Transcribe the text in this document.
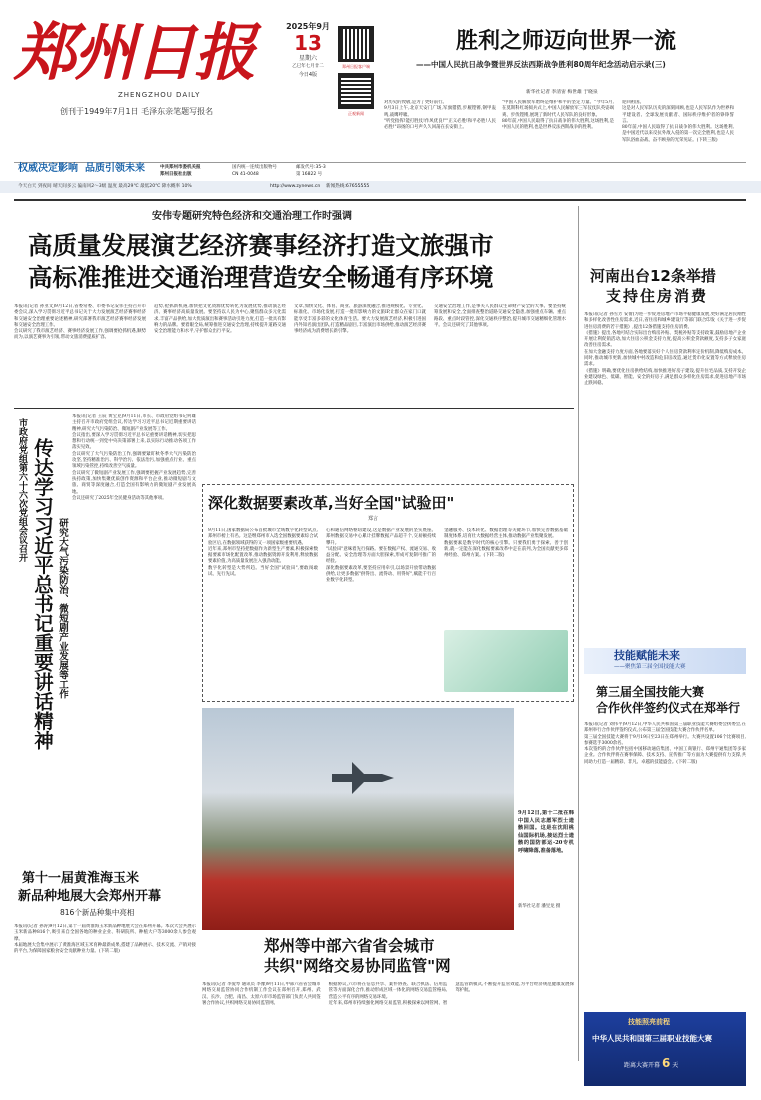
郑州日报
ZHENGZHOU DAILY
创刊于1949年7月1日 毛泽东亲笔题写报名
2025年9月
13
星期六
乙巳年七月廿二
今日4版
郑州日报客户端
正观新闻
权威决定影响 品质引领未来	中共郑州市委机关报
郑州日报社出版
国内统一连续出版物号
CN 41-0048
邮发代号:35-3
第 16822 号
今天白天 到夜间 晴天间多云 偏南风2～3级 温度 最高29℃ 最低20℃ 降水概率 10%	http://www.zynews.cn 新闻热线:67655555
胜利之师迈向世界一流
——中国人民抗日战争暨世界反法西斯战争胜利80周年纪念活动启示录(三)
新华社记者 李清宙 梅世雄 于晓泉
对历史的致敬,是为了更好前行。
9月3日上午,北京天安门广场,军旗猎猎,步履铿锵,钢甲轰鸣,战鹰呼啸。
"听党指挥!能打胜仗!作风优良!""正义必胜!和平必胜!人民必胜!"昂扬的口号声久久回荡在长安街上。
"中国人民解放军始终是维护和平的坚定力量。"今年5月,在莫斯科红场阅兵式上,中国人民解放军三军仪仗队英姿飒爽、步伐铿锵,展现了新时代人民军队的良好形象。
80年前,中国人民取得了抗日战争的伟大胜利,这场胜利,是中国人民的胜利,也是世界反法西斯战争的胜利。
迎回祖国。
这是对人民军队历史的深刻回顾,也是人民军队作为世界和平建设者、全球发展贡献者、国际秩序维护者的铮铮誓言。
80年前,中国人民取得了抗日战争的伟大胜利。这场胜利,是中国近代以来反抗外敌入侵的第一次完全胜利,也是人民军队浴血奋战、奋不顾身的光荣见证。(下转三版)
安伟专题研究特色经济和交通治理工作时强调
高质量发展演艺经济赛事经济打造文旅强市
高标准推进交通治理营造安全畅通有序环境
本报讯(记者 孙亚文)9月12日,省委常委、市委书记安伟主持召开市委会议,深入学习贯彻习近平总书记关于大力发展演艺经济赛事经济和交通安全治理重要论述精神,研究部署我市演艺经济赛事经济发展和交通安全治理工作。
会议研究了我市演艺经济、赛事经济发展工作,强调要抢抓机遇,顺势而为,以演艺赛事为引领,带动文旅消费提质扩容。
趋势,抢抓新机遇,加快把文化资源优势转化为发展优势,推动演艺经济、赛事经济高质量发展。要坚持以人民为中心,聚焦群众多元化需求,丰富产品供给,加大优质演出和赛事活动引进力度,打造一批具有影响力的品牌。要着眼全局,统筹推进交通安全治理,持续提升道路交通安全治理能力和水平,守护群众出行平安。
文章,加快文化、体育、商业、旅游深度融合,推进规模化、专业化、标准化、市场化发展,打造一批有影响力的文旅IP,让群众在家门口就能享受丰富多彩的文化体育生活。要大力发展演艺经济,积极引进国内外知名演出团队,打造精品剧目,丰富演出市场供给,推动演艺经济赛事经济成为消费增长新引擎。
交通安全治理工作,是事关人民群众生命财产安全的大事。要坚持统筹发展和安全,全面排查整治道路交通安全隐患,加强重点车辆、重点路段、重点时段管控,深化交通秩序整治,提升城市交通精细化管理水平。会议还研究了其他事项。
河南出台12条举措
支持住房消费
本报讯(记者 孙雪芳 安倩)为进一步促进房地产市场平稳健康发展,更好满足居民刚性和多样化改善性住房需求,近日,省住房和城乡建设厅等部门联合印发《关于进一步促进住房消费的若干措施》,提出12条措施支持住房消费。
《措施》提出,各地可结合实际出台购房补贴、契税补贴等支持政策,鼓励房地产企业开展让利促销活动,加大住房公积金支持力度,提高公积金贷款额度,支持多子女家庭改善住房需求。
在加大金融支持力度方面,各地要落实好个人住房贷款利率定价机制,降低购房成本。同时,推动城市更新,加快城中村改造和危旧房改造,通过货币化安置等方式释放住房需求。
《措施》明确,要优化住房供给结构,加快推进好房子建设,提升住宅品质,支持开发企业建设绿色、低碳、智能、安全的好房子,满足群众多样化住房需求,促进房地产市场止跌回稳。
市政府党组第六十六次党组会议召开 传达学习习近平总书记重要讲话精神 研究大气污染防治、微短剧产业发展等工作
本报讯(记者 王辰 黄宝克)9月11日,市长、市政府党组书记何雄主持召开市政府党组会议,传达学习习近平总书记近期重要讲话精神,研究大气污染防治、微短剧产业发展等工作。
会议指出,要深入学习贯彻习近平总书记重要讲话精神,切实把思想和行动统一到党中央决策部署上来,以实际行动推动各项工作落实见效。
会议研究了大气污染防治工作,强调要紧盯秋冬季大气污染防治攻坚,坚持精准治污、科学治污、依法治污,加强重点行业、重点领域污染管控,持续改善空气质量。
会议研究了微短剧产业发展工作,强调要把握产业发展趋势,完善扶持政策,加快集聚优质创作资源和平台企业,推动微短剧与文旅、商贸等深度融合,打造全国有影响力的微短剧产业发展高地。
会议还研究了2025年全民健身活动等其他事项。	深化数据要素改革,当好全国"试验田"
郑言
9月11日,国家数据局公布首批城市全域数字化转型试点,郑州市榜上有名。这是继郑州市入选全国数据要素综合试验区后,在数据领域获得的又一项国家级重要机遇。
近年来,郑州市坚持把数据作为新型生产要素,积极探索数据要素市场化配置改革,推动数据资源开发利用,释放数据要素价值,为高质量发展注入强劲动能。
数字化转型是大势所趋。当好全国"试验田",要敢闯敢试、先行先试。
心和通信网络枢纽建设,这是数据产业发展的坚实底座。郑州数据交易中心累计挂牌数据产品超千个,交易额持续攀升。
"试验田"意味着先行探路。要在数据产权、流通交易、收益分配、安全治理等方面大胆探索,形成可复制可推广的经验。
深化数据要素改革,要坚持应用牵引,以场景开放带动数据供给,让更多数据"供得出、流得动、用得好",赋能千行百业数字化转型。
金融服务、技术转化、数据治理等关键环节,加快完善数据基础制度体系,培育壮大数据经营主体,推动数据产业集聚发展。
数据要素是数字时代的核心引擎。只要我们勇于探索、善于创新,就一定能在深化数据要素改革中走在前列,为全国贡献更多郑州经验、郑州方案。(下转二版)
9月12日,第十二批在韩中国人民志愿军烈士遗骸回国。这是在沈阳桃仙国际机场,接运烈士遗骸的国防部运-20专机呼啸降落,准备落地。
新华社记者 潘昱龙 摄
技能赋能未来
——聚焦第三届全国技能大赛
第三届全国技能大赛
合作伙伴签约仪式在郑举行
本报讯(记者 刘伟平)9月12日,中华人民共和国第三届职业技能大赛组委会执委会,在郑州举行合作伙伴签约仪式,公布第三届全国技能大赛合作伙伴名单。
第三届全国技能大赛将于9月19日至23日在郑州举行。大赛共设置106个比赛项目,参赛选手3000余名。
本次签约的合作伙伴包括中国移动通信集团、中国工商银行、郑州宇通集团等多家企业。合作伙伴将在赛事保障、技术支持、宣传推广等方面为大赛提供有力支撑,共同助力打造一届精彩、非凡、卓越的技能盛会。(下转二版)
第十一届黄淮海玉米
新品种地展大会郑州开幕
816个新品种集中亮相
本报讯(记者 孙涛)9月12日,第十一届黄淮海玉米新品种地展大会在郑州开幕。本次大会共展示玉米新品种816个,吸引来自全国各地的种业企业、科研院所、种植大户等3000余人参会观摩。
本届地展大会集中展示了黄淮海区域玉米育种最新成果,搭建了品种展示、技术交流、产销对接的平台,为保障国家粮食安全贡献种业力量。(下转二版)	郑州等中部六省省会城市
共织"网络交易协同监管"网
本报讯(记者 李爱琴 通讯员 李豫)9月11日,中部六省省会城市网络交易监管协同合作机制工作会议在郑州召开,郑州、武汉、长沙、合肥、南昌、太原六市市场监管部门负责人共同签署合作协议,共织网络交易协同监管网。
根据协议,六市将在信息共享、案件协查、联合执法、信用监管等方面深化合作,推动形成区域一体化的网络交易监管格局,营造公平有序的网络交易环境。
近年来,郑州市持续强化网络交易监管,积极探索以网管网、智慧监管新模式,不断提升监管效能,为平台经济规范健康发展保驾护航。
技能照亮前程
中华人民共和国第三届职业技能大赛
距离大赛开幕 6 天
